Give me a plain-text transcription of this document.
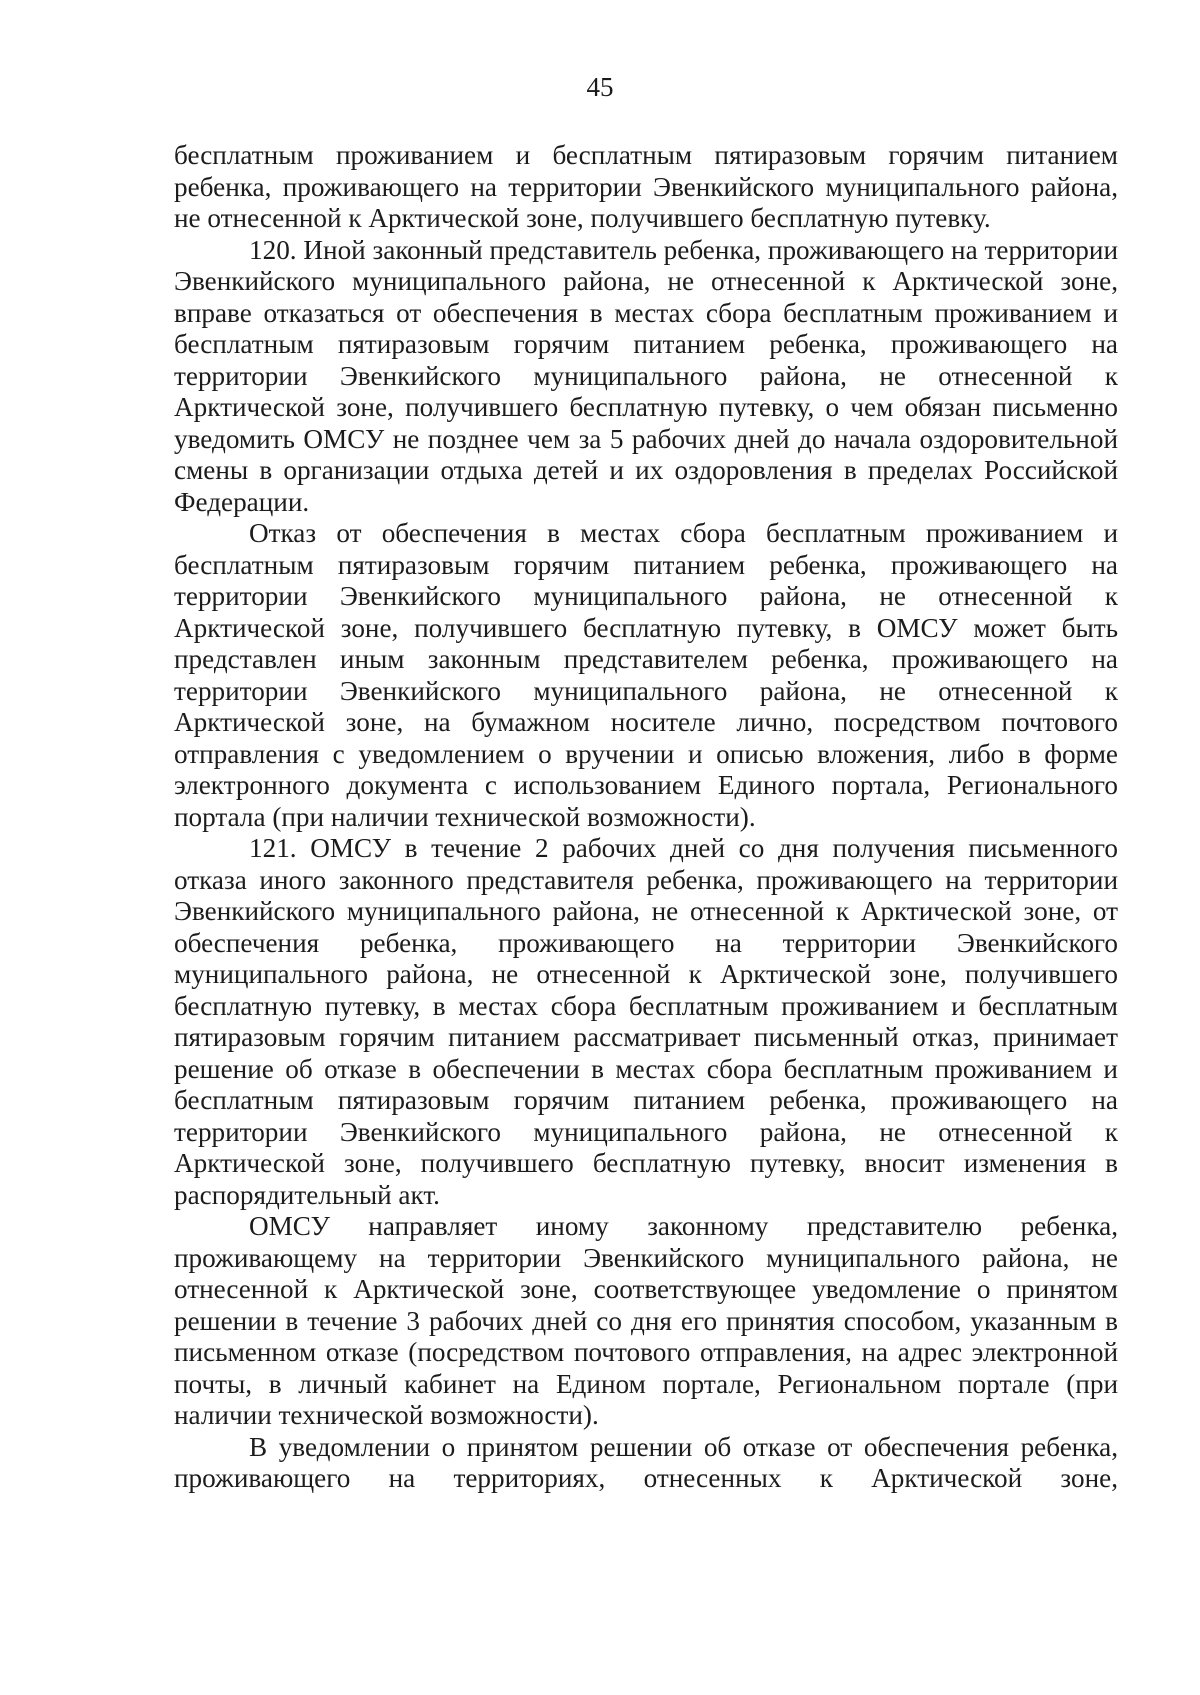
45

бесплатным проживанием и бесплатным пятиразовым горячим питанием ребенка, проживающего на территории Эвенкийского муниципального района, не отнесенной к Арктической зоне, получившего бесплатную путевку.

120. Иной законный представитель ребенка, проживающего на территории Эвенкийского муниципального района, не отнесенной к Арктической зоне, вправе отказаться от обеспечения в местах сбора бесплатным проживанием и бесплатным пятиразовым горячим питанием ребенка, проживающего на территории Эвенкийского муниципального района, не отнесенной к Арктической зоне, получившего бесплатную путевку, о чем обязан письменно уведомить ОМСУ не позднее чем за 5 рабочих дней до начала оздоровительной смены в организации отдыха детей и их оздоровления в пределах Российской Федерации.

Отказ от обеспечения в местах сбора бесплатным проживанием и бесплатным пятиразовым горячим питанием ребенка, проживающего на территории Эвенкийского муниципального района, не отнесенной к Арктической зоне, получившего бесплатную путевку, в ОМСУ может быть представлен иным законным представителем ребенка, проживающего на территории Эвенкийского муниципального района, не отнесенной к Арктической зоне, на бумажном носителе лично, посредством почтового отправления с уведомлением о вручении и описью вложения, либо в форме электронного документа с использованием Единого портала, Регионального портала (при наличии технической возможности).

121. ОМСУ в течение 2 рабочих дней со дня получения письменного отказа иного законного представителя ребенка, проживающего на территории Эвенкийского муниципального района, не отнесенной к Арктической зоне, от обеспечения ребенка, проживающего на территории Эвенкийского муниципального района, не отнесенной к Арктической зоне, получившего бесплатную путевку, в местах сбора бесплатным проживанием и бесплатным пятиразовым горячим питанием рассматривает письменный отказ, принимает решение об отказе в обеспечении в местах сбора бесплатным проживанием и бесплатным пятиразовым горячим питанием ребенка, проживающего на территории Эвенкийского муниципального района, не отнесенной к Арктической зоне, получившего бесплатную путевку, вносит изменения в распорядительный акт.

ОМСУ направляет иному законному представителю ребенка, проживающему на территории Эвенкийского муниципального района, не отнесенной к Арктической зоне, соответствующее уведомление о принятом решении в течение 3 рабочих дней со дня его принятия способом, указанным в письменном отказе (посредством почтового отправления, на адрес электронной почты, в личный кабинет на Едином портале, Региональном портале (при наличии технической возможности).

В уведомлении о принятом решении об отказе от обеспечения ребенка, проживающего на территориях, отнесенных к Арктической зоне,
